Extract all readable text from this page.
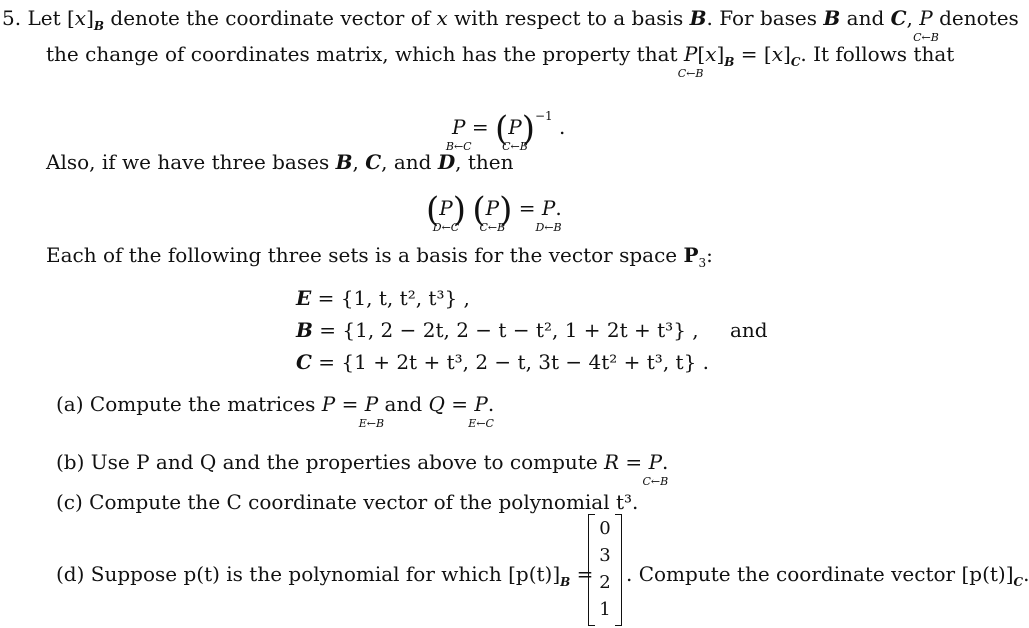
5. Let $[x]_B$ denote the coordinate vector of x with respect to a basis B. For bases B and C, P
C←B
denotes
the change of coordinates matrix, which has the property that P
C←B
$[x]_B = [x]_C$. It follows that
P
B←C
= (P
C←B
)$^{-1}$ .
Also, if we have three bases B, C, and D, then
(P
D←C
) (P
C←B
) = P
D←B
.
Each of the following three sets is a basis for the vector space $P_3$:
E = {1, t, t², t³} ,
B = {1, 2 − 2t, 2 − t − t², 1 + 2t + t³} , and
C = {1 + 2t + t³, 2 − t, 3t − 4t² + t³, t} .
(a) Compute the matrices P = P
E←B
and Q = P
E←C
.
(b) Use P and Q and the properties above to compute R = P
C←B
.
(c) Compute the C coordinate vector of the polynomial t³.
(d) Suppose p(t) is the polynomial for which $[p(t)]_B$ =
0
3
2
1
. Compute the coordinate vector $[p(t)]_C$.
